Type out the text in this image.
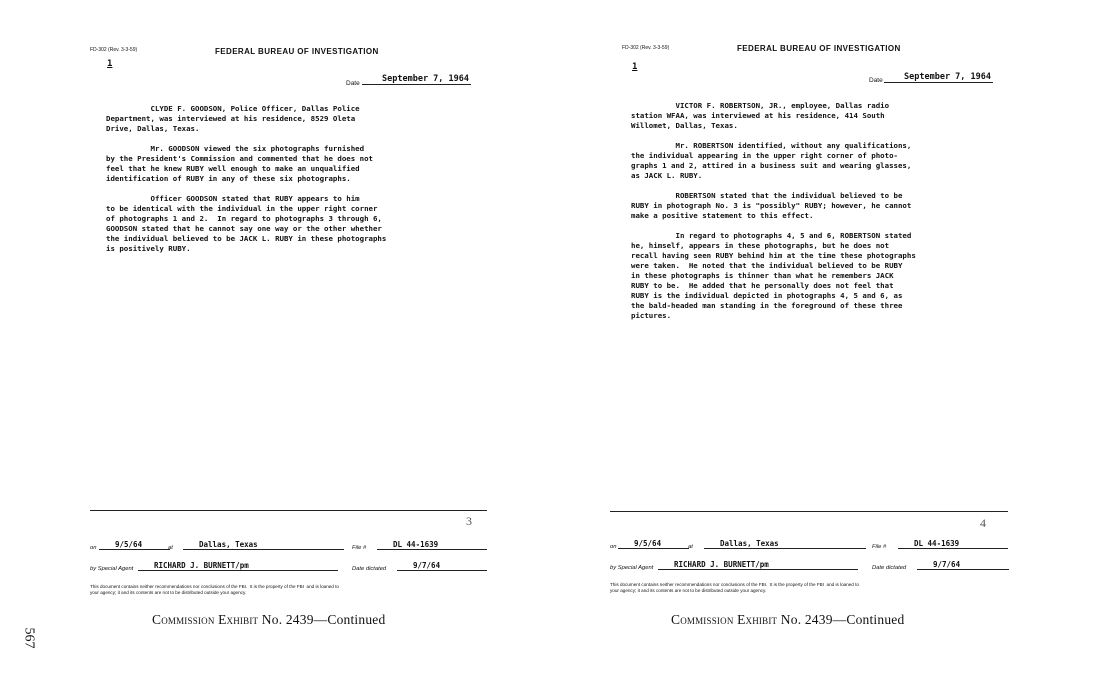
FD-302 (Rev. 3-3-59)	FEDERAL BUREAU OF INVESTIGATION
1
Date	September 7, 1964
CLYDE F. GOODSON, Police Officer, Dallas Police
Department, was interviewed at his residence, 8529 Oleta
Drive, Dallas, Texas.

Mr. GOODSON viewed the six photographs furnished
by the President's Commission and commented that he does not
feel that he knew RUBY well enough to make an unqualified
identification of RUBY in any of these six photographs.

Officer GOODSON stated that RUBY appears to him
to be identical with the individual in the upper right corner
of photographs 1 and 2.  In regard to photographs 3 through 6,
GOODSON stated that he cannot say one way or the other whether
the individual believed to be JACK L. RUBY in these photographs
is positively RUBY.
3
on	9/5/64	at	Dallas, Texas	File #	DL 44-1639
by Special Agent	RICHARD J. BURNETT/pm	Date dictated	9/7/64
This document contains neither recommendations nor conclusions of the FBI.  It is the property of the FBI  and is loaned to
your agency; it and its contents are not to be distributed outside your agency.
Commission Exhibit No. 2439—Continued
FD-302 (Rev. 3-3-59)	FEDERAL BUREAU OF INVESTIGATION
1
Date	September 7, 1964
VICTOR F. ROBERTSON, JR., employee, Dallas radio
station WFAA, was interviewed at his residence, 414 South
Willomet, Dallas, Texas.

Mr. ROBERTSON identified, without any qualifications,
the individual appearing in the upper right corner of photo-
graphs 1 and 2, attired in a business suit and wearing glasses,
as JACK L. RUBY.

ROBERTSON stated that the individual believed to be
RUBY in photograph No. 3 is "possibly" RUBY; however, he cannot
make a positive statement to this effect.

In regard to photographs 4, 5 and 6, ROBERTSON stated
he, himself, appears in these photographs, but he does not
recall having seen RUBY behind him at the time these photographs
were taken.  He noted that the individual believed to be RUBY
in these photographs is thinner than what he remembers JACK
RUBY to be.  He added that he personally does not feel that
RUBY is the individual depicted in photographs 4, 5 and 6, as
the bald-headed man standing in the foreground of these three
pictures.
4
on	9/5/64	at	Dallas, Texas	File #	DL 44-1639
by Special Agent	RICHARD J. BURNETT/pm	Date dictated	9/7/64
This document contains neither recommendations nor conclusions of the FBI.  It is the property of the FBI  and is loaned to
your agency; it and its contents are not to be distributed outside your agency.
Commission Exhibit No. 2439—Continued
567
